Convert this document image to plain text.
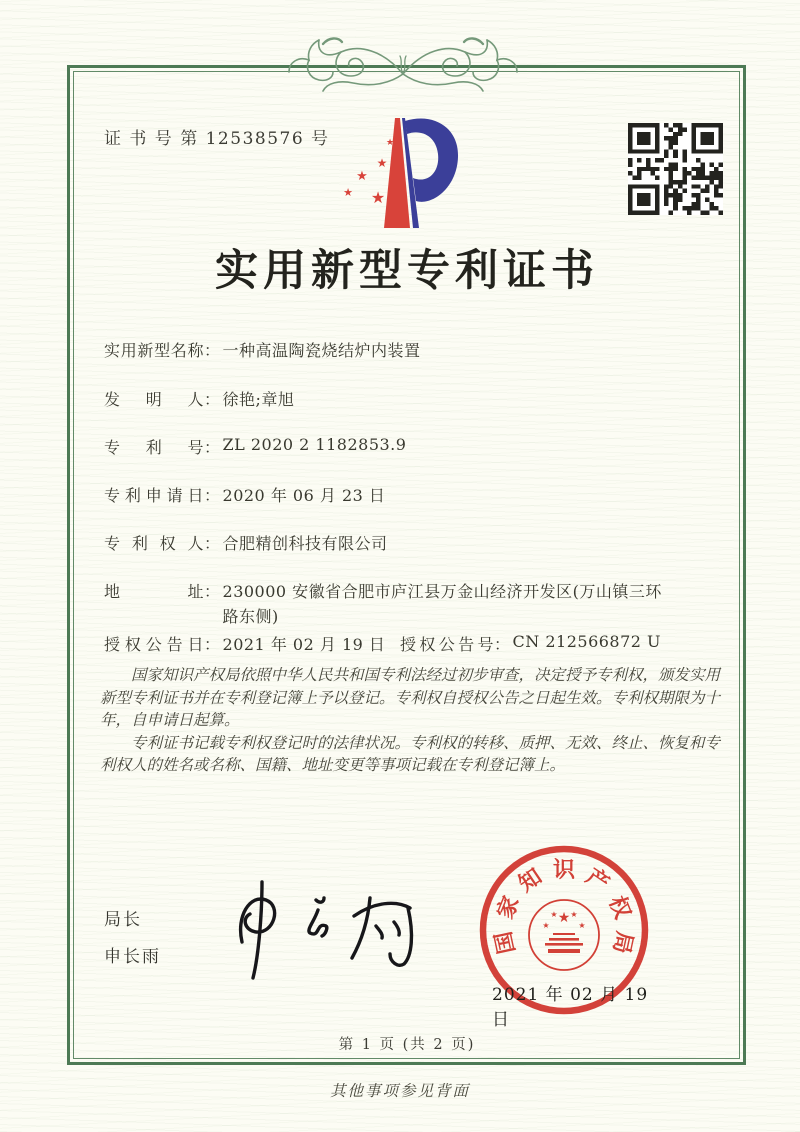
证 书 号 第 12538576 号	★
★
★
★ ★
实用新型专利证书
实用新型名称： 一种高温陶瓷烧结炉内装置
发明人： 徐艳;章旭
专利号： ZL 2020 2 1182853.9
专利申请日： 2020 年 06 月 23 日
专利权人： 合肥精创科技有限公司
地址： 230000 安徽省合肥市庐江县万金山经济开发区(万山镇三环路东侧)
授权公告日： 2021 年 02 月 19 日 授权公告号： CN 212566872 U

国家知识产权局依照中华人民共和国专利法经过初步审查，决定授予专利权，颁发实用新型专利证书并在专利登记簿上予以登记。专利权自授权公告之日起生效。专利权期限为十年，自申请日起算。

专利证书记载专利权登记时的法律状况。专利权的转移、质押、无效、终止、恢复和专利权人的姓名或名称、国籍、地址变更等事项记载在专利登记簿上。

局长
申长雨
国
家
知 识 产
权
局
★
★
★ ★
★
2021 年 02 月 19 日
第 1 页 (共 2 页)
其他事项参见背面
